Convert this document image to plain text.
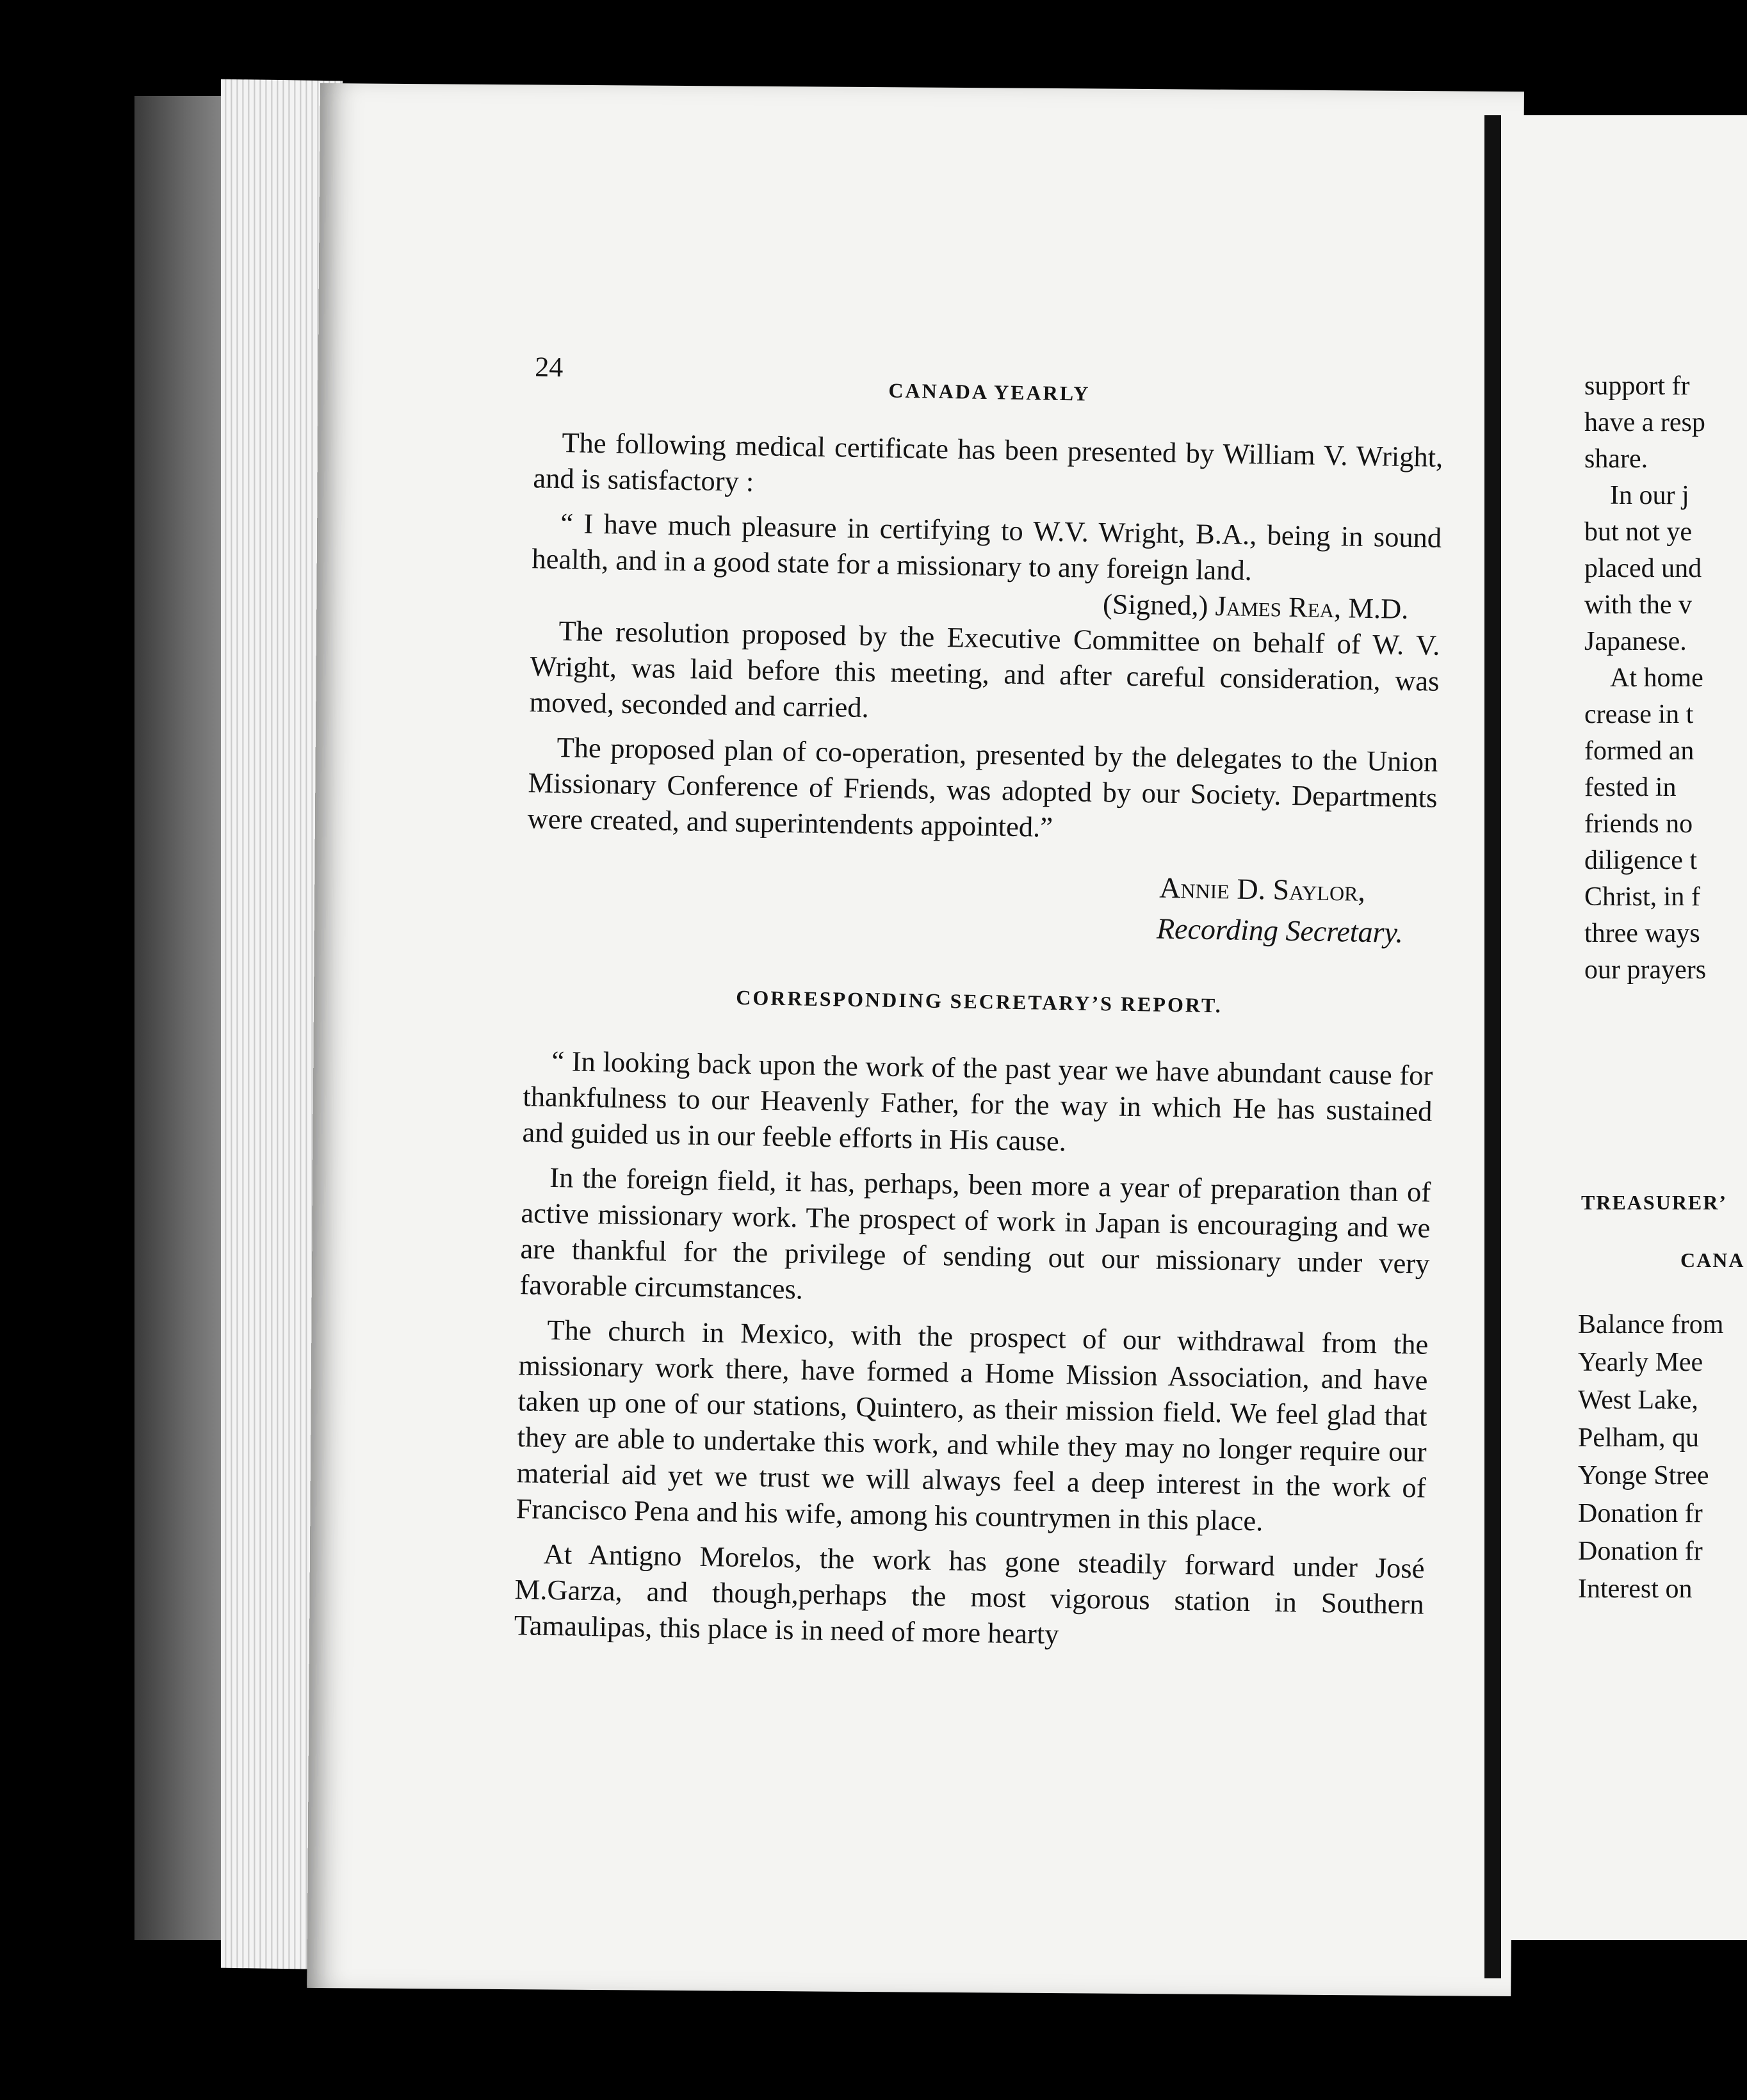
24
CANADA YEARLY

The following medical certificate has been presented by William V. Wright, and is satisfactory :

“ I have much pleasure in certifying to W.V. Wright, B.A., being in sound health, and in a good state for a missionary to any foreign land.
(Signed,) James Rea, M.D.

The resolution proposed by the Executive Committee on behalf of W. V. Wright, was laid before this meeting, and after careful consideration, was moved, seconded and carried.

The proposed plan of co-operation, presented by the delegates to the Union Missionary Conference of Friends, was adopted by our Society. Departments were created, and superintendents appointed.”

Annie D. Saylor,
Recording Secretary.
CORRESPONDING SECRETARY’S REPORT.

“ In looking back upon the work of the past year we have abundant cause for thankfulness to our Heavenly Father, for the way in which He has sustained and guided us in our feeble efforts in His cause.

In the foreign field, it has, perhaps, been more a year of preparation than of active missionary work. The prospect of work in Japan is encouraging and we are thankful for the privilege of sending out our missionary under very favorable circumstances.

The church in Mexico, with the prospect of our withdrawal from the missionary work there, have formed a Home Mission Association, and have taken up one of our stations, Quintero, as their mission field. We feel glad that they are able to undertake this work, and while they may no longer require our material aid yet we trust we will always feel a deep interest in the work of Francisco Pena and his wife, among his countrymen in this place.

At Antigno Morelos, the work has gone steadily forward under José M.Garza, and though,perhaps the most vigorous station in Southern Tamaulipas, this place is in need of more hearty

support fr
have a resp
share.
In our j
but not ye
placed und
with the v
Japanese.
At home
crease in t
formed an
fested in
friends no
diligence t
Christ, in f
three ways
our prayers
TREASURER’
CANA
Balance from
Yearly Mee
West Lake,
Pelham, qu
Yonge Stree
Donation fr
Donation fr
Interest on
